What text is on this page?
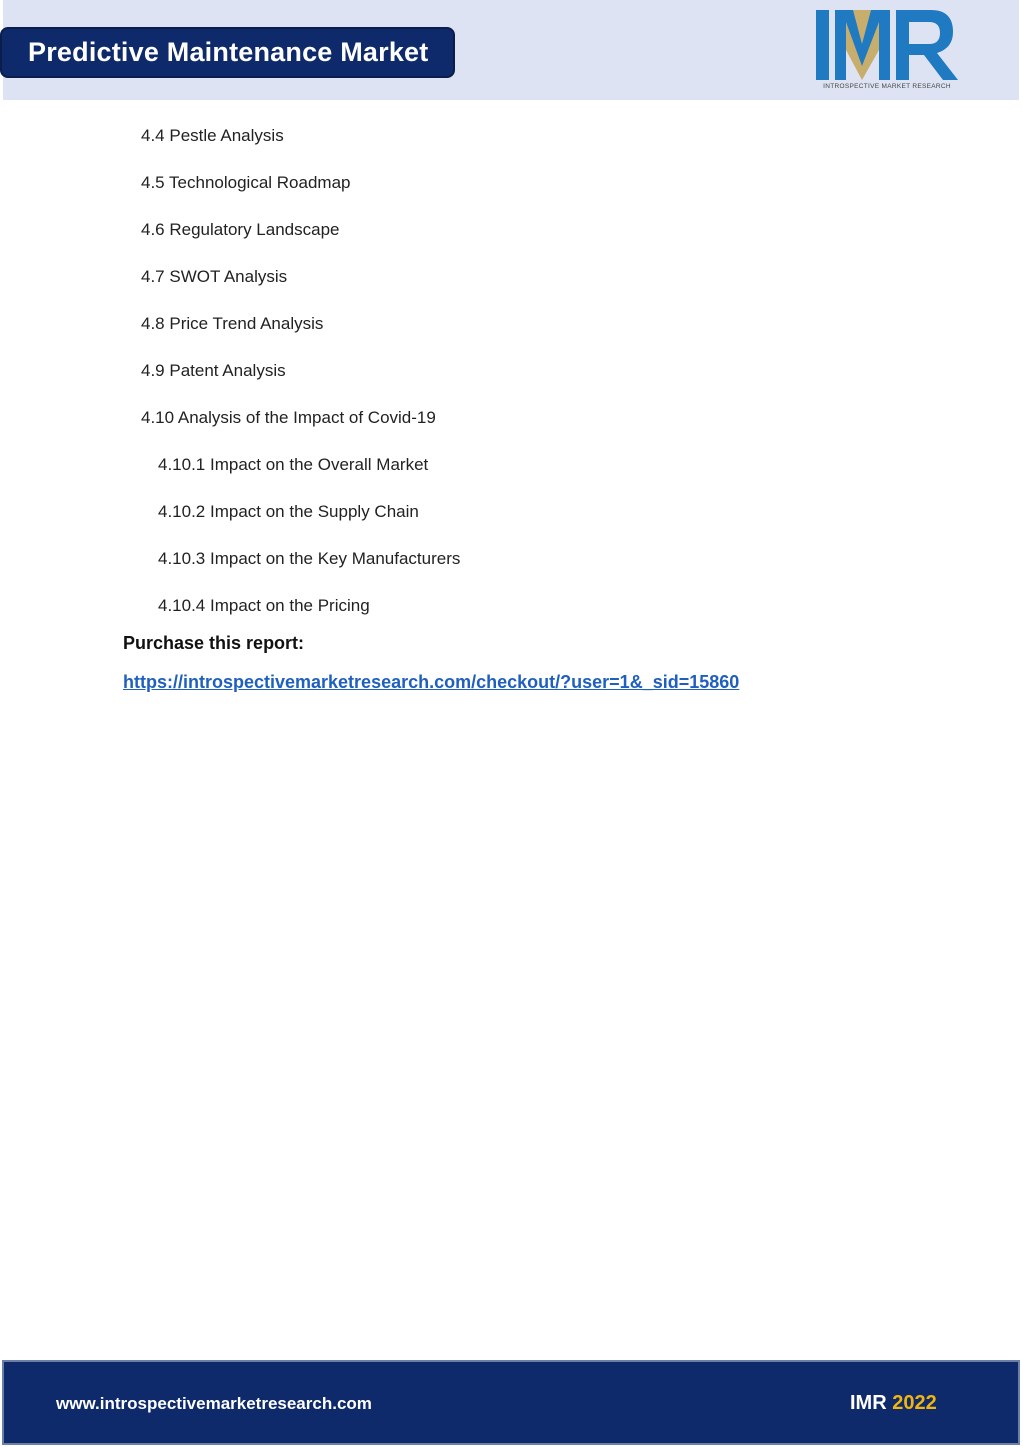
Predictive Maintenance Market
INTROSPECTIVE MARKET RESEARCH
4.4 Pestle Analysis
4.5 Technological Roadmap
4.6 Regulatory Landscape
4.7 SWOT Analysis
4.8 Price Trend Analysis
4.9 Patent Analysis
4.10 Analysis of the Impact of Covid-19
4.10.1 Impact on the Overall Market
4.10.2 Impact on the Supply Chain
4.10.3 Impact on the Key Manufacturers
4.10.4 Impact on the Pricing
Purchase this report:
https://introspectivemarketresearch.com/checkout/?user=1&_sid=15860
www.introspectivemarketresearch.com	IMR 2022
